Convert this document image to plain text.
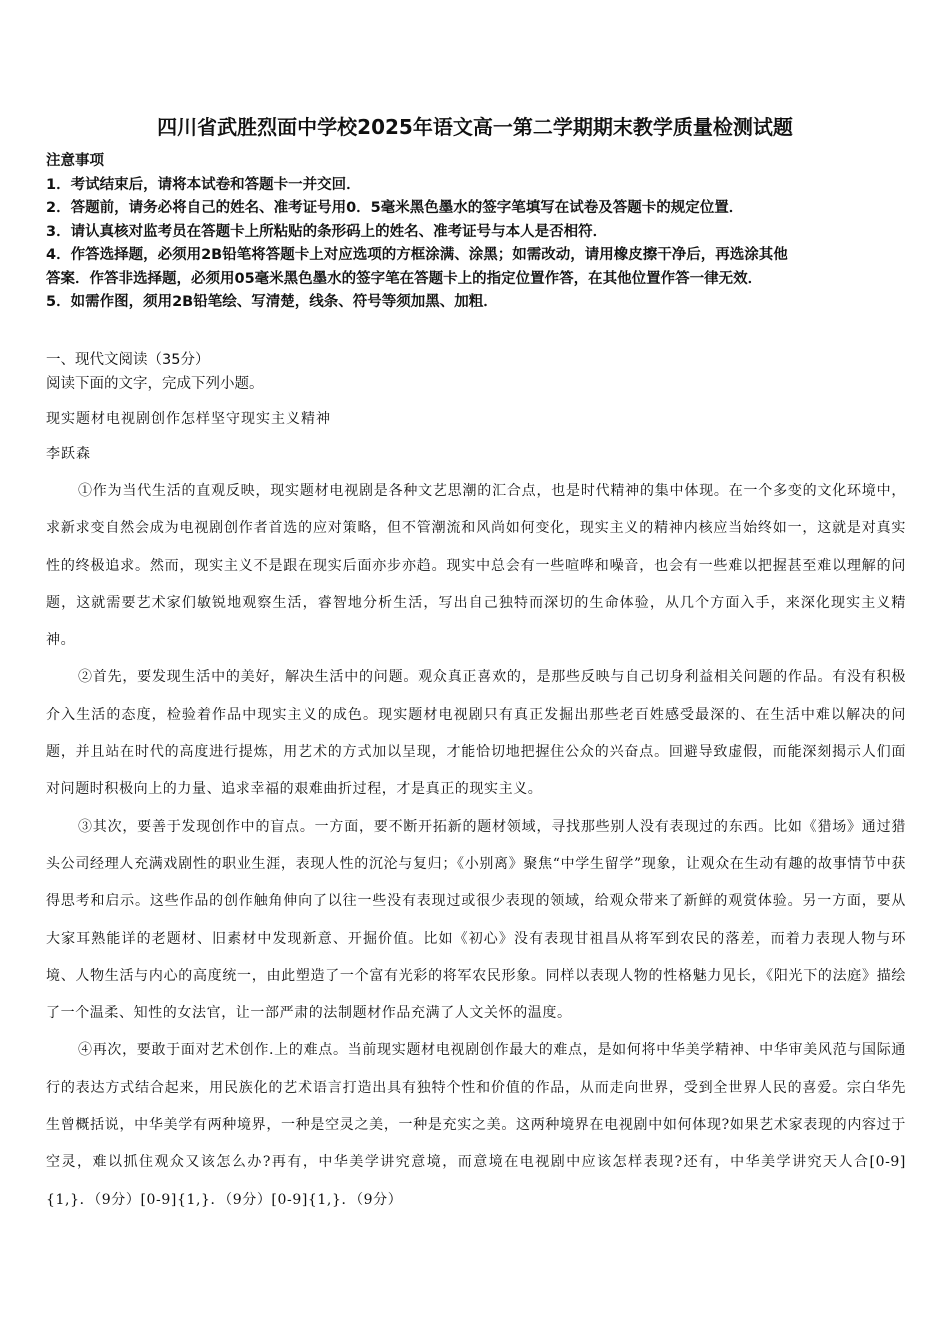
四川省武胜烈面中学校2025年语文高一第二学期期末教学质量检测试题
注意事项
1．考试结束后，请将本试卷和答题卡一并交回．
2．答题前，请务必将自己的姓名、准考证号用0．5毫米黑色墨水的签字笔填写在试卷及答题卡的规定位置．
3．请认真核对监考员在答题卡上所粘贴的条形码上的姓名、准考证号与本人是否相符．
4．作答选择题，必须用2B铅笔将答题卡上对应选项的方框涂满、涂黑；如需改动，请用橡皮擦干净后，再选涂其他
答案．作答非选择题，必须用05毫米黑色墨水的签字笔在答题卡上的指定位置作答，在其他位置作答一律无效．
5．如需作图，须用2B铅笔绘、写清楚，线条、符号等须加黑、加粗．
一、现代文阅读（35分）
阅读下面的文字，完成下列小题。
现实题材电视剧创作怎样坚守现实主义精神
李跃森

①作为当代生活的直观反映，现实题材电视剧是各种文艺思潮的汇合点，也是时代精神的集中体现。在一个多变的文化环境中，求新求变自然会成为电视剧创作者首选的应对策略，但不管潮流和风尚如何变化，现实主义的精神内核应当始终如一，这就是对真实性的终极追求。然而，现实主义不是跟在现实后面亦步亦趋。现实中总会有一些喧哗和噪音，也会有一些难以把握甚至难以理解的问题，这就需要艺术家们敏锐地观察生活，睿智地分析生活，写出自己独特而深切的生命体验，从几个方面入手，来深化现实主义精神。

②首先，要发现生活中的美好，解决生活中的问题。观众真正喜欢的，是那些反映与自己切身利益相关问题的作品。有没有积极介入生活的态度，检验着作品中现实主义的成色。现实题材电视剧只有真正发掘出那些老百姓感受最深的、在生活中难以解决的问题，并且站在时代的高度进行提炼，用艺术的方式加以呈现，才能恰切地把握住公众的兴奋点。回避导致虚假，而能深刻揭示人们面对问题时积极向上的力量、追求幸福的艰难曲折过程，才是真正的现实主义。

③其次，要善于发现创作中的盲点。一方面，要不断开拓新的题材领域，寻找那些别人没有表现过的东西。比如《猎场》通过猎头公司经理人充满戏剧性的职业生涯，表现人性的沉沦与复归；《小别离》聚焦“中学生留学”现象，让观众在生动有趣的故事情节中获得思考和启示。这些作品的创作触角伸向了以往一些没有表现过或很少表现的领域，给观众带来了新鲜的观赏体验。另一方面，要从大家耳熟能详的老题材、旧素材中发现新意、开掘价值。比如《初心》没有表现甘祖昌从将军到农民的落差，而着力表现人物与环境、人物生活与内心的高度统一，由此塑造了一个富有光彩的将军农民形象。同样以表现人物的性格魅力见长，《阳光下的法庭》描绘了一个温柔、知性的女法官，让一部严肃的法制题材作品充满了人文关怀的温度。

④再次，要敢于面对艺术创作.上的难点。当前现实题材电视剧创作最大的难点，是如何将中华美学精神、中华审美风范与国际通行的表达方式结合起来，用民族化的艺术语言打造出具有独特个性和价值的作品，从而走向世界，受到全世界人民的喜爱。宗白华先生曾概括说，中华美学有两种境界，一种是空灵之美，一种是充实之美。这两种境界在电视剧中如何体现?如果艺术家表现的内容过于空灵，难以抓住观众又该怎么办?再有，中华美学讲究意境，而意境在电视剧中应该怎样表现?还有，中华美学讲究天人合[0-9]{1,}．（9分）[0-9]{1,}．（9分）[0-9]{1,}．（9分）
